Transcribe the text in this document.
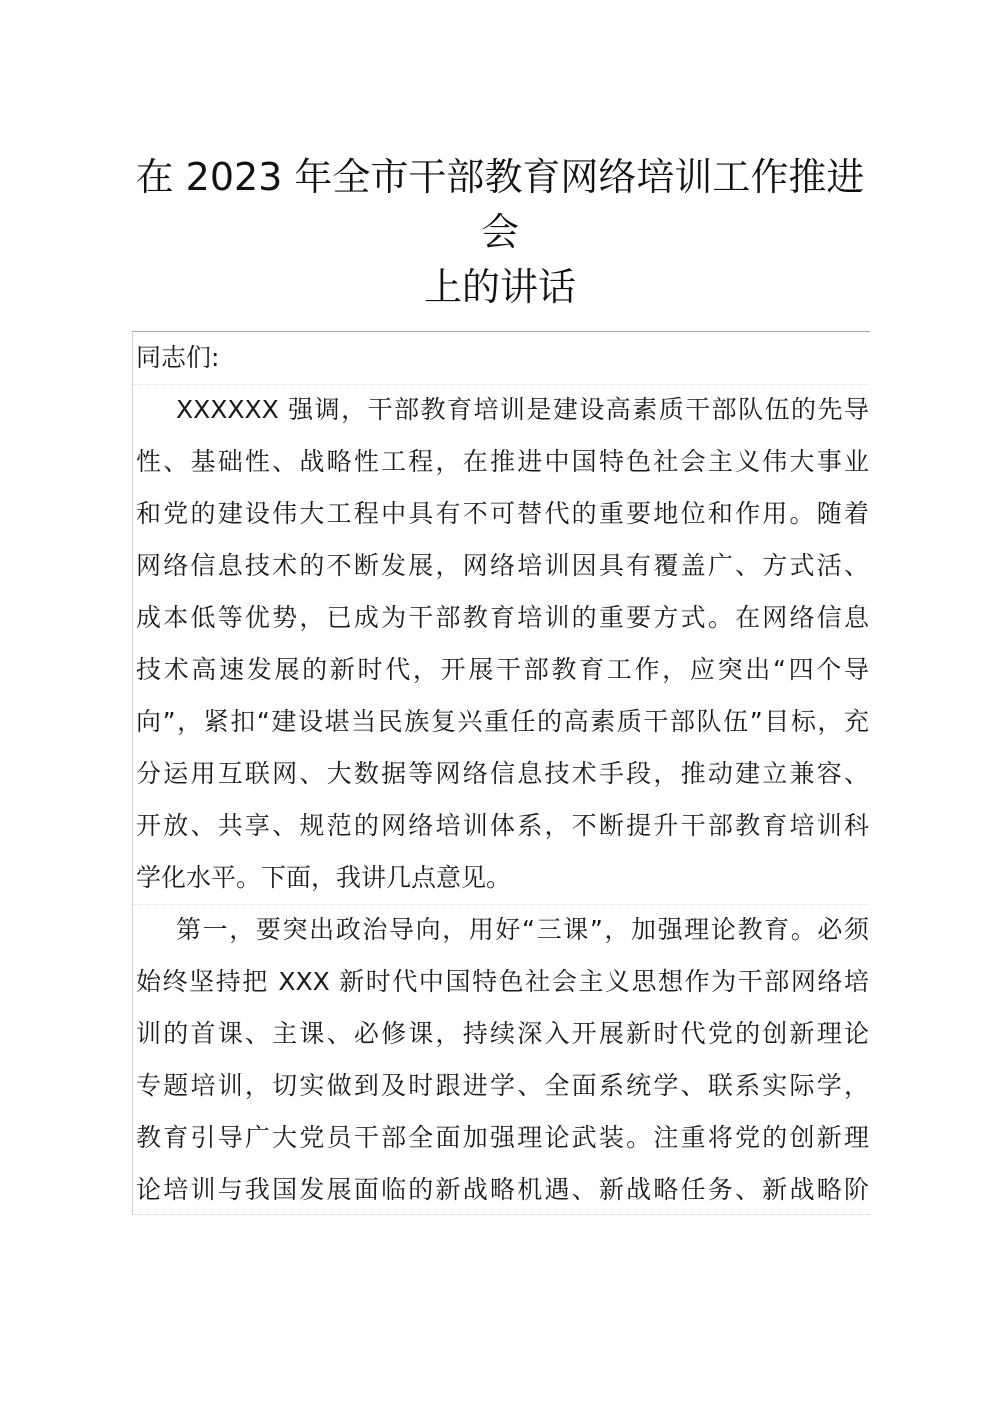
在 2023 年全市干部教育网络培训工作推进会
上的讲话
同志们:
XXXXXX 强调，干部教育培训是建设高素质干部队伍的先导
性、基础性、战略性工程，在推进中国特色社会主义伟大事业
和党的建设伟大工程中具有不可替代的重要地位和作用。随着
网络信息技术的不断发展，网络培训因具有覆盖广、方式活、
成本低等优势，已成为干部教育培训的重要方式。在网络信息
技术高速发展的新时代，开展干部教育工作，应突出“四个导
向”，紧扣“建设堪当民族复兴重任的高素质干部队伍”目标，充
分运用互联网、大数据等网络信息技术手段，推动建立兼容、
开放、共享、规范的网络培训体系，不断提升干部教育培训科
学化水平。下面，我讲几点意见。
第一，要突出政治导向，用好“三课”，加强理论教育。必须
始终坚持把 XXX 新时代中国特色社会主义思想作为干部网络培
训的首课、主课、必修课，持续深入开展新时代党的创新理论
专题培训，切实做到及时跟进学、全面系统学、联系实际学，
教育引导广大党员干部全面加强理论武装。注重将党的创新理
论培训与我国发展面临的新战略机遇、新战略任务、新战略阶
